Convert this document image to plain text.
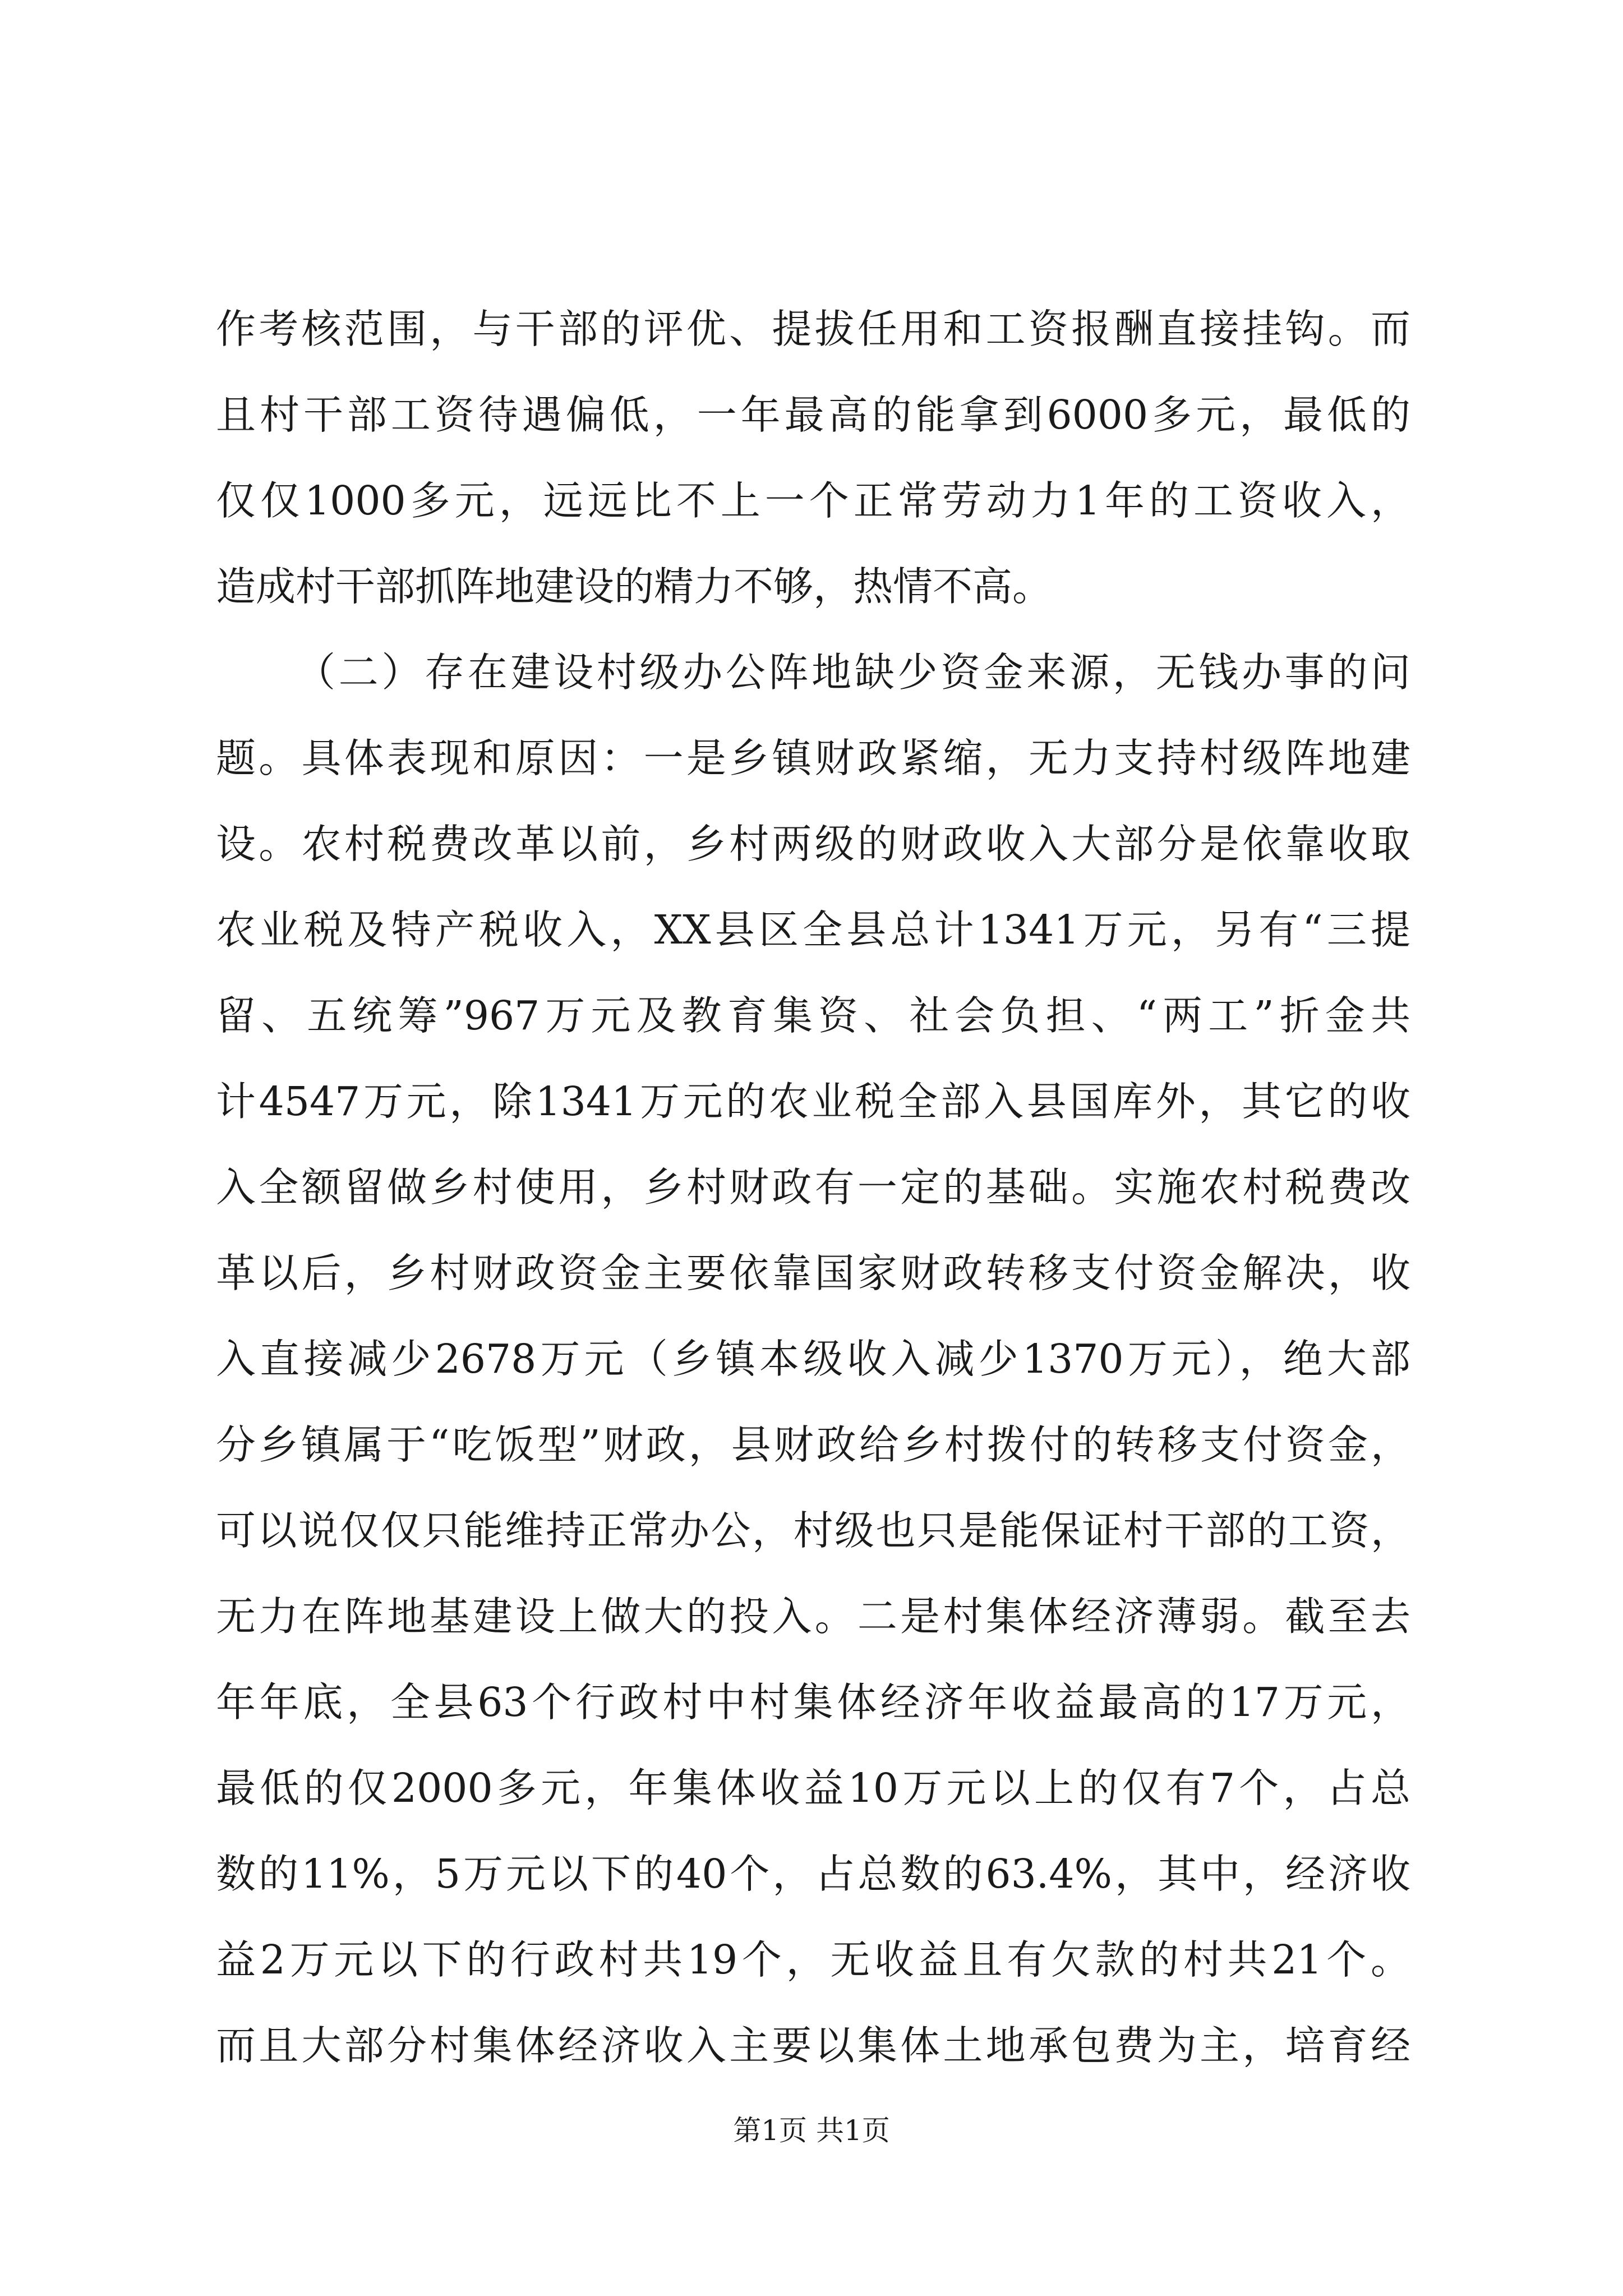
作考核范围，与干部的评优、提拔任用和工资报酬直接挂钩。而
且村干部工资待遇偏低，一年最高的能拿到6000多元，最低的
仅仅1000多元，远远比不上一个正常劳动力1年的工资收入，
造成村干部抓阵地建设的精力不够，热情不高。
（二）存在建设村级办公阵地缺少资金来源，无钱办事的问
题。具体表现和原因：一是乡镇财政紧缩，无力支持村级阵地建
设。农村税费改革以前，乡村两级的财政收入大部分是依靠收取
农业税及特产税收入，XX县区全县总计1341万元，另有“三提
留、五统筹”967万元及教育集资、社会负担、“两工”折金共
计4547万元，除1341万元的农业税全部入县国库外，其它的收
入全额留做乡村使用，乡村财政有一定的基础。实施农村税费改
革以后，乡村财政资金主要依靠国家财政转移支付资金解决，收
入直接减少2678万元（乡镇本级收入减少1370万元），绝大部
分乡镇属于“吃饭型”财政，县财政给乡村拨付的转移支付资金，
可以说仅仅只能维持正常办公，村级也只是能保证村干部的工资，
无力在阵地基建设上做大的投入。二是村集体经济薄弱。截至去
年年底，全县63个行政村中村集体经济年收益最高的17万元，
最低的仅2000多元，年集体收益10万元以上的仅有7个，占总
数的11%，5万元以下的40个，占总数的63.4%，其中，经济收
益2万元以下的行政村共19个，无收益且有欠款的村共21个。
而且大部分村集体经济收入主要以集体土地承包费为主，培育经
第1页 共1页
